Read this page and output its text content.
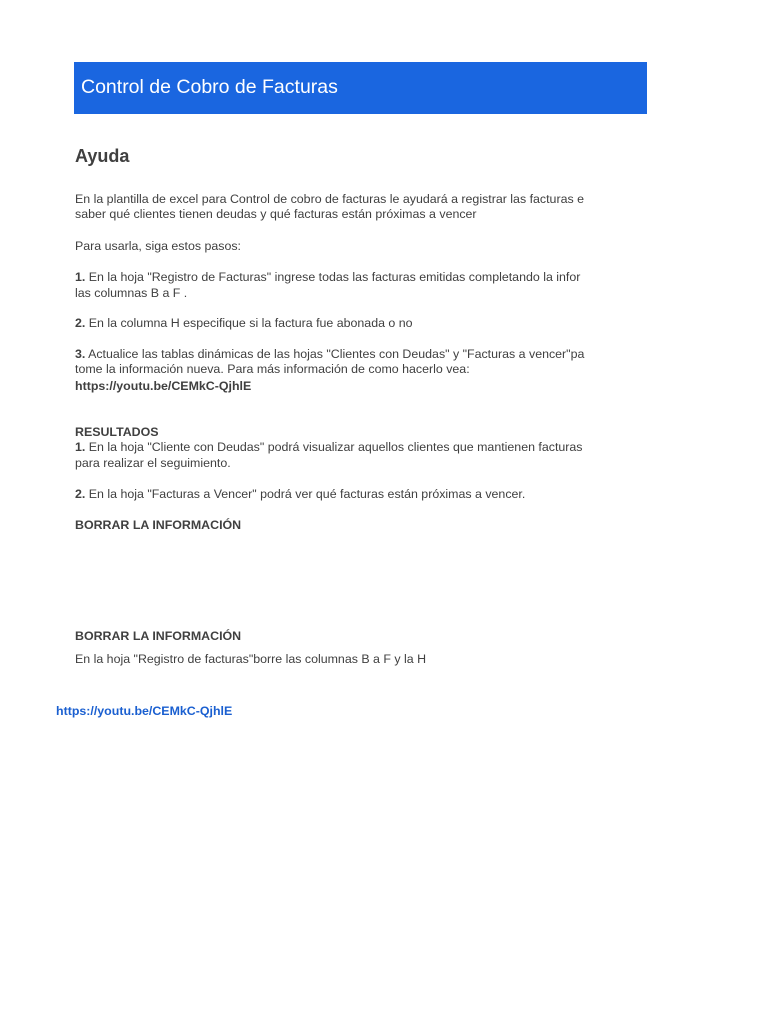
Control de Cobro de Facturas
Ayuda
En la plantilla de excel para Control de cobro de facturas le ayudará a registrar las facturas e
saber qué clientes tienen deudas y qué facturas están próximas a vencer
Para usarla, siga estos pasos:
1. En la hoja "Registro de Facturas" ingrese todas las facturas emitidas completando la infor
las columnas B a F .
2. En la columna H especifique si la factura fue abonada o no
3. Actualice las tablas dinámicas de las hojas "Clientes con Deudas" y "Facturas a vencer"pa
tome la información nueva. Para más información de como hacerlo vea:
https://youtu.be/CEMkC-QjhlE
RESULTADOS
1. En la hoja "Cliente con Deudas" podrá visualizar aquellos clientes que mantienen facturas
para realizar el seguimiento.
2. En la hoja "Facturas a Vencer" podrá ver qué facturas están próximas a vencer.
BORRAR LA INFORMACIÓN
BORRAR LA INFORMACIÓN
En la hoja "Registro de facturas"borre las columnas B a F y la H
https://youtu.be/CEMkC-QjhlE
